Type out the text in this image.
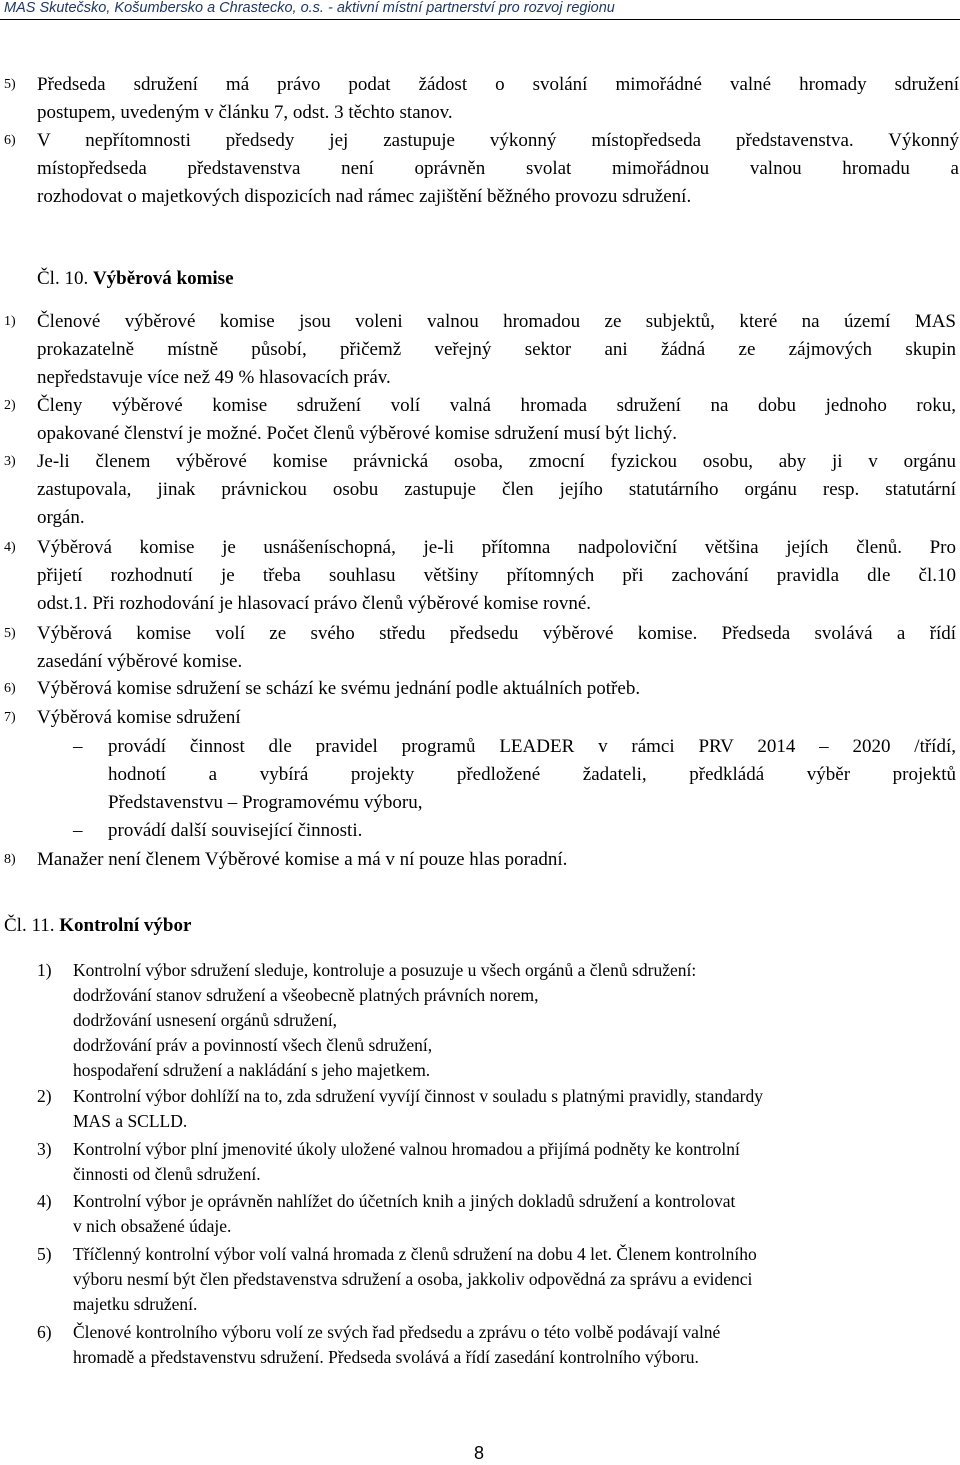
MAS Skutečsko, Košumbersko a Chrastecko, o.s. - aktivní místní partnerství pro rozvoj regionu
5) Předseda sdružení má právo podat žádost o svolání mimořádné valné hromady sdružení
postupem, uvedeným v článku 7, odst. 3 těchto stanov.
6) V nepřítomnosti předsedy jej zastupuje výkonný místopředseda představenstva. Výkonný
místopředseda představenstva není oprávněn svolat mimořádnou valnou hromadu a
rozhodovat o majetkových dispozicích nad rámec zajištění běžného provozu sdružení.
Čl. 10. Výběrová komise
1) Členové výběrové komise jsou voleni valnou hromadou ze subjektů, které na území MAS
prokazatelně místně působí, přičemž veřejný sektor ani žádná ze zájmových skupin
nepředstavuje více než 49 % hlasovacích práv.
2) Členy výběrové komise sdružení volí valná hromada sdružení na dobu jednoho roku,
opakované členství je možné. Počet členů výběrové komise sdružení musí být lichý.
3) Je-li členem výběrové komise právnická osoba, zmocní fyzickou osobu, aby ji v orgánu
zastupovala, jinak právnickou osobu zastupuje člen jejího statutárního orgánu resp. statutární
orgán.
4) Výběrová komise je usnášeníschopná, je-li přítomna nadpoloviční většina jejích členů. Pro
přijetí rozhodnutí je třeba souhlasu většiny přítomných při zachování pravidla dle čl.10
odst.1. Při rozhodování je hlasovací právo členů výběrové komise rovné.
5) Výběrová komise volí ze svého středu předsedu výběrové komise. Předseda svolává a řídí
zasedání výběrové komise.
6) Výběrová komise sdružení se schází ke svému jednání podle aktuálních potřeb.
7) Výběrová komise sdružení
– provádí činnost dle pravidel programů LEADER v rámci PRV 2014 – 2020 /třídí,
hodnotí a vybírá projekty předložené žadateli, předkládá výběr projektů
Představenstvu – Programovému výboru,
– provádí další související činnosti.
8) Manažer není členem Výběrové komise a má v ní pouze hlas poradní.
Čl. 11. Kontrolní výbor
1) Kontrolní výbor sdružení sleduje, kontroluje a posuzuje u všech orgánů a členů sdružení:
dodržování stanov sdružení a všeobecně platných právních norem,
dodržování usnesení orgánů sdružení,
dodržování práv a povinností všech členů sdružení,
hospodaření sdružení a nakládání s jeho majetkem.
2) Kontrolní výbor dohlíží na to, zda sdružení vyvíjí činnost v souladu s platnými pravidly, standardy
MAS a SCLLD.
3) Kontrolní výbor plní jmenovité úkoly uložené valnou hromadou a přijímá podněty ke kontrolní
činnosti od členů sdružení.
4) Kontrolní výbor je oprávněn nahlížet do účetních knih a jiných dokladů sdružení a kontrolovat
v nich obsažené údaje.
5) Tříčlenný kontrolní výbor volí valná hromada z členů sdružení na dobu 4 let. Členem kontrolního
výboru nesmí být člen představenstva sdružení a osoba, jakkoliv odpovědná za správu a evidenci
majetku sdružení.
6) Členové kontrolního výboru volí ze svých řad předsedu a zprávu o této volbě podávají valné
hromadě a představenstvu sdružení. Předseda svolává a řídí zasedání kontrolního výboru.
8
